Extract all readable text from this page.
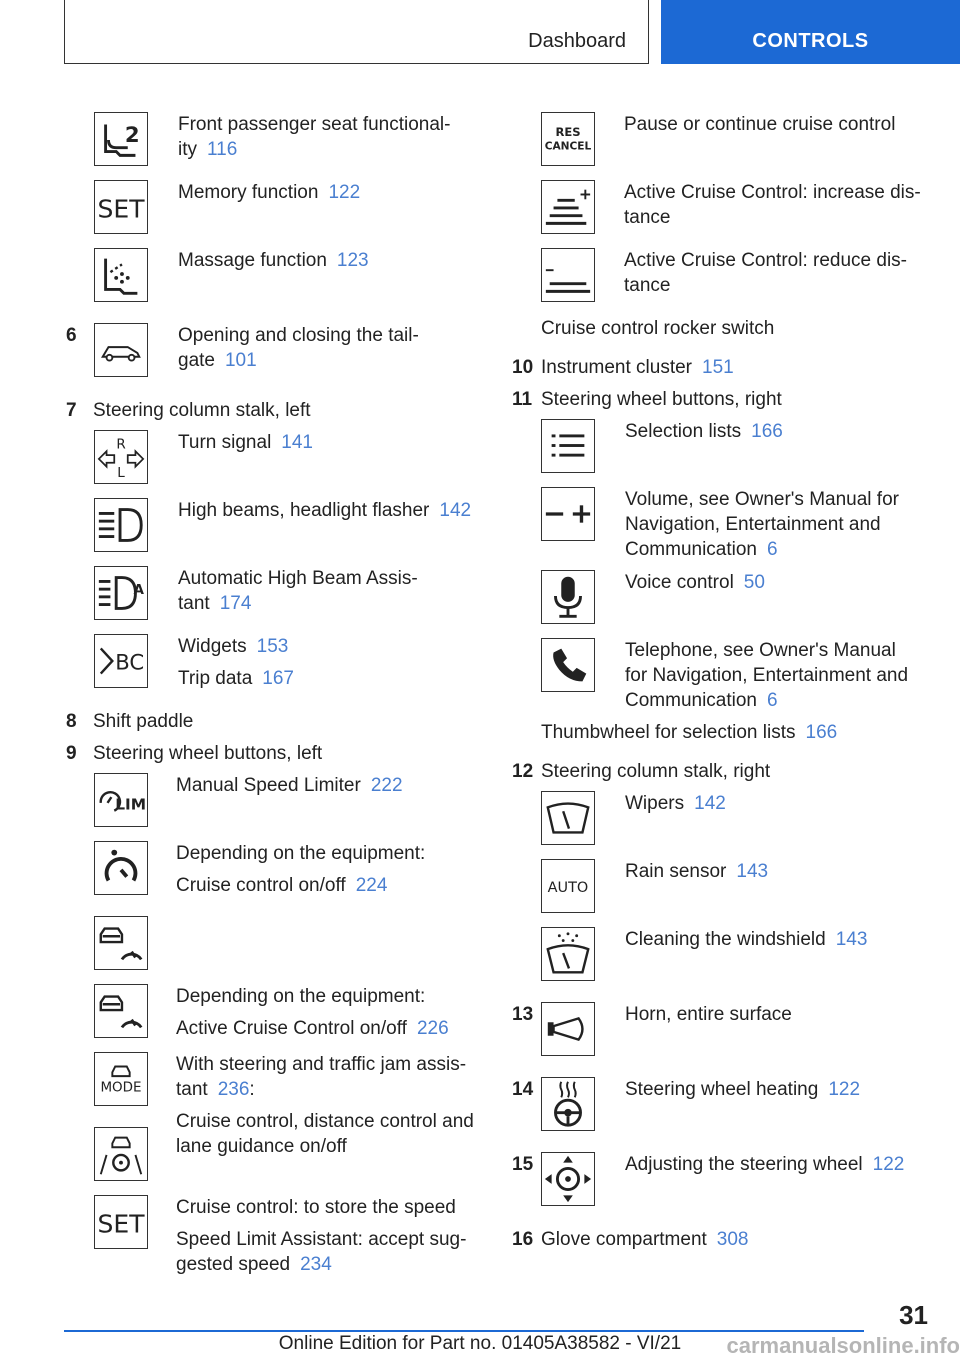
Dashboard	CONTROLS
2 Front passenger seat functional-
ity 116
SET
Memory function 122
Massage function 123
6	Opening and closing the tail-
gate 101
7 Steering column stalk, left
R
L
Turn signal 141
High beams, headlight flasher 142
A
Automatic High Beam Assis-
tant 174
BC
Widgets 153
Trip data 167
8 Shift paddle
9 Steering wheel buttons, left
LIM
Manual Speed Limiter 222
Depending on the equipment:
Cruise control on/off 224
Depending on the equipment:
Active Cruise Control on/off 226
MODE
With steering and traffic jam assis-
tant 236:
Cruise control, distance control and
lane guidance on/off
SET
Cruise control: to store the speed
Speed Limit Assistant: accept sug-
gested speed 234
RES
CANCEL
Pause or continue cruise control
Active Cruise Control: increase dis-
tance
Active Cruise Control: reduce dis-
tance
Cruise control rocker switch
10 Instrument cluster 151
11 Steering wheel buttons, right
Selection lists 166
Volume, see Owner's Manual for
Navigation, Entertainment and
Communication 6
Voice control 50
Telephone, see Owner's Manual
for Navigation, Entertainment and
Communication 6
Thumbwheel for selection lists 166
12 Steering column stalk, right
Wipers 142
AUTO
Rain sensor 143
Cleaning the windshield 143
13	Horn, entire surface
14	Steering wheel heating 122
15	Adjusting the steering wheel 122
16 Glove compartment 308
31
Online Edition for Part no. 01405A38582 - VI/21	carmanualsonline.info
